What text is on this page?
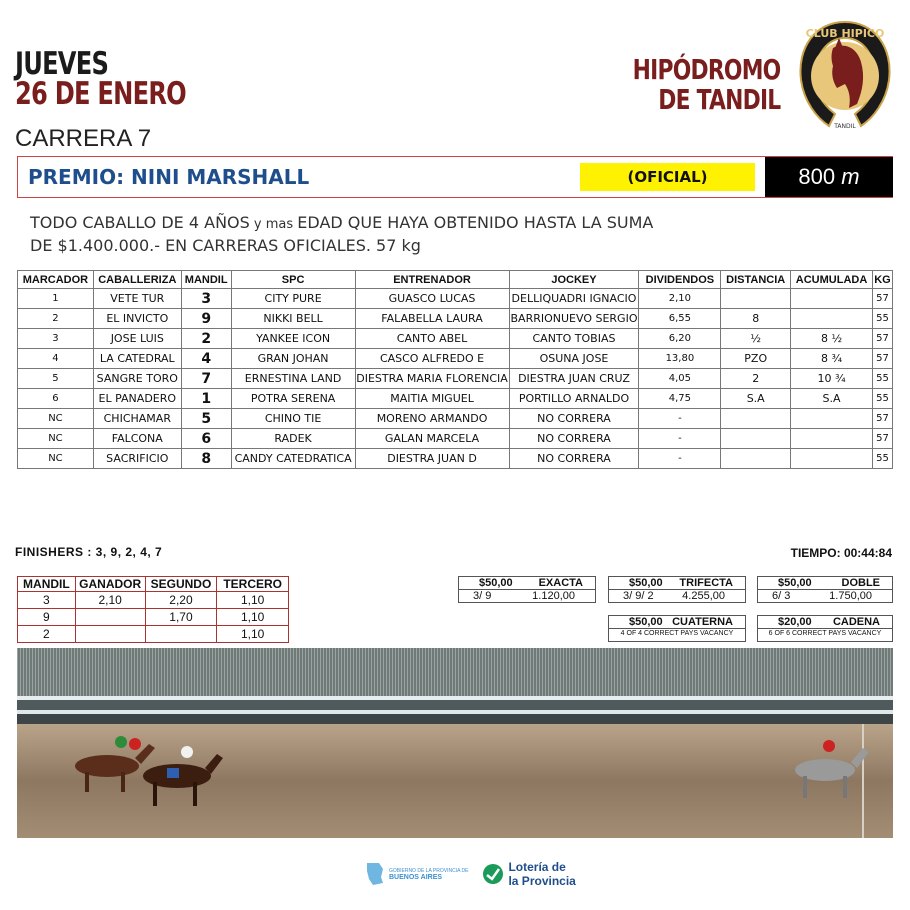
JUEVES
26 DE ENERO
HIPÓDROMO
DE TANDIL
CLUB HIPICO
TANDIL
CARRERA 7
PREMIO: NINI MARSHALL	(OFICIAL)	800 m
TODO CABALLO DE 4 AÑOS y mas EDAD QUE HAYA OBTENIDO HASTA LA SUMA DE $1.400.000.- EN CARRERAS OFICIALES. 57 kg
MARCADOR	CABALLERIZA	MANDIL	SPC	ENTRENADOR	JOCKEY	DIVIDENDOS	DISTANCIA	ACUMULADA	KG
1	VETE TUR	3	CITY PURE	GUASCO LUCAS	DELLIQUADRI IGNACIO	2,10			57
2	EL INVICTO	9	NIKKI BELL	FALABELLA LAURA	BARRIONUEVO SERGIO	6,55	8		55
3	JOSE LUIS	2	YANKEE ICON	CANTO ABEL	CANTO TOBIAS	6,20	½	8 ½	57
4	LA CATEDRAL	4	GRAN JOHAN	CASCO ALFREDO E	OSUNA JOSE	13,80	PZO	8 ¾	57
5	SANGRE TORO	7	ERNESTINA LAND	DIESTRA MARIA FLORENCIA	DIESTRA JUAN CRUZ	4,05	2	10 ¾	55
6	EL PANADERO	1	POTRA SERENA	MAITIA MIGUEL	PORTILLO ARNALDO	4,75	S.A	S.A	55
NC	CHICHAMAR	5	CHINO TIE	MORENO ARMANDO	NO CORRERA	-			57
NC	FALCONA	6	RADEK	GALAN MARCELA	NO CORRERA	-			57
NC	SACRIFICIO	8	CANDY CATEDRATICA	DIESTRA JUAN D	NO CORRERA	-			55
FINISHERS : 3, 9, 2, 4, 7	TIEMPO: 00:44:84
MANDIL	GANADOR	SEGUNDO	TERCERO
3	2,10	2,20	1,10
9		1,70	1,10
2			1,10
$50,00 EXACTA
3/ 9	1.120,00
$50,00 TRIFECTA
3/ 9/ 2	4.255,00
$50,00	DOBLE
6/ 3	1.750,00
$50,00 CUATERNA
4 OF 4 CORRECT PAYS VACANCY
$20,00 CADENA
6 OF 6 CORRECT PAYS VACANCY
GOBIERNO DE LA PROVINCIA DE
BUENOS AIRES
Lotería de
la Provincia
